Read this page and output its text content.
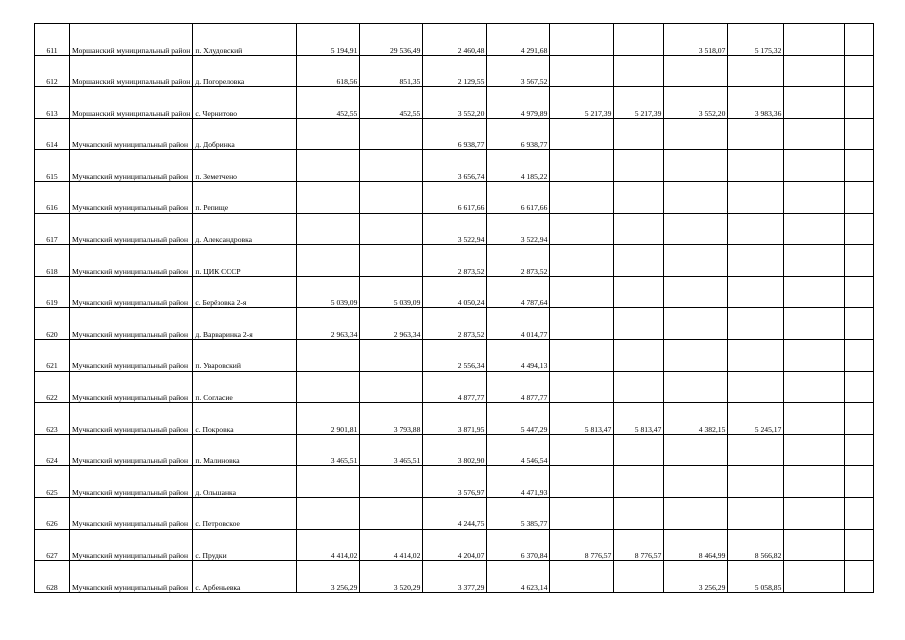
611	Моршанский муниципальный район	п. Хлудовский	5 194,91	29 536,49	2 460,48	4 291,68			3 518,07	5 175,32		
612	Моршанский муниципальный район	д. Погореловка	618,56	851,35	2 129,55	3 567,52						
613	Моршанский муниципальный район	с. Чернитово	452,55	452,55	3 552,20	4 979,89	5 217,39	5 217,39	3 552,20	3 983,36		
614	Мучкапский муниципальный район	д. Добринка			6 938,77	6 938,77						
615	Мучкапский муниципальный район	п. Земетчено			3 656,74	4 185,22						
616	Мучкапский муниципальный район	п. Репище			6 617,66	6 617,66						
617	Мучкапский муниципальный район	д. Александровка			3 522,94	3 522,94						
618	Мучкапский муниципальный район	п. ЦИК СССР			2 873,52	2 873,52						
619	Мучкапский муниципальный район	с. Берёзовка 2-я	5 039,09	5 039,09	4 050,24	4 787,64						
620	Мучкапский муниципальный район	д. Варваринка 2-я	2 963,34	2 963,34	2 873,52	4 014,77						
621	Мучкапский муниципальный район	п. Уваровский			2 556,34	4 494,13						
622	Мучкапский муниципальный район	п. Согласие			4 877,77	4 877,77						
623	Мучкапский муниципальный район	с. Покровка	2 901,81	3 793,88	3 871,95	5 447,29	5 813,47	5 813,47	4 382,15	5 245,17		
624	Мучкапский муниципальный район	п. Малиновка	3 465,51	3 465,51	3 802,90	4 546,54						
625	Мучкапский муниципальный район	д. Ольшанка			3 576,97	4 471,93						
626	Мучкапский муниципальный район	с. Петровское			4 244,75	5 385,77						
627	Мучкапский муниципальный район	с. Прудки	4 414,02	4 414,02	4 204,07	6 370,84	8 776,57	8 776,57	8 464,99	8 566,82		
628	Мучкапский муниципальный район	с. Арбеньевка	3 256,29	3 520,29	3 377,29	4 623,14			3 256,29	5 058,85		
